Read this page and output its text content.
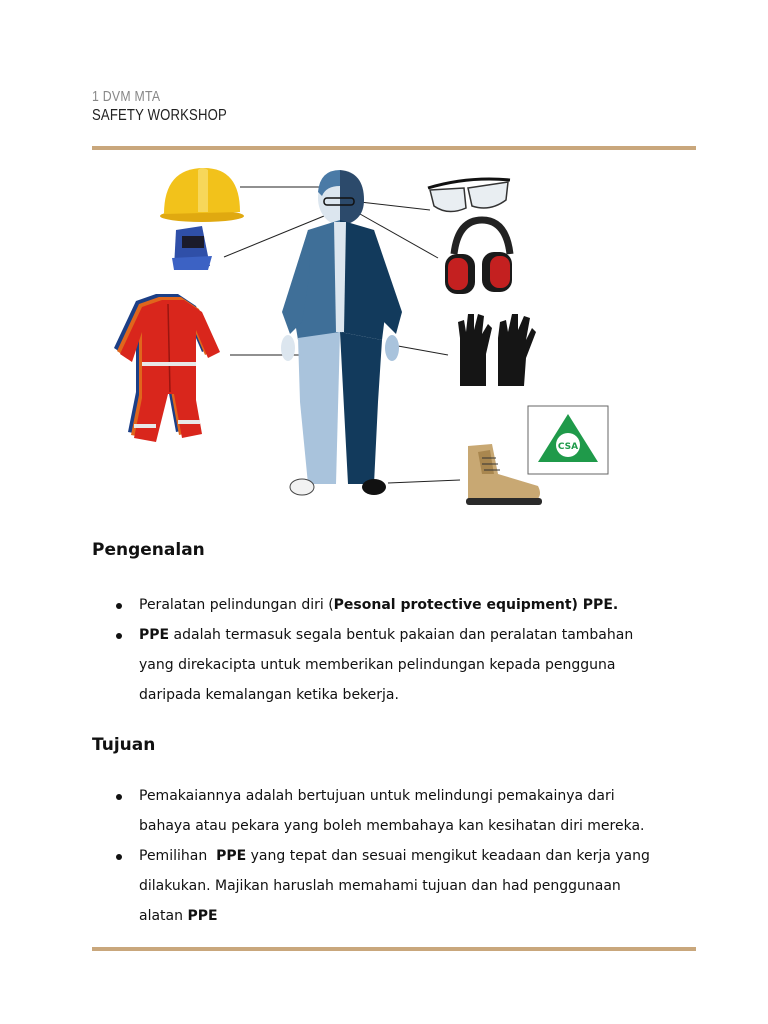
1 DVM MTA
SAFETY WORKSHOP
CSA
Pengenalan
Peralatan pelindungan diri (Pesonal protective equipment) PPE.
PPE adalah termasuk segala bentuk pakaian dan peralatan tambahan
yang direkacipta untuk memberikan pelindungan kepada pengguna
daripada kemalangan ketika bekerja.
Tujuan
Pemakaiannya adalah bertujuan untuk melindungi pemakainya dari
bahaya atau pekara yang boleh membahaya kan kesihatan diri mereka.
Pemilihan  PPE yang tepat dan sesuai mengikut keadaan dan kerja yang
dilakukan. Majikan haruslah memahami tujuan dan had penggunaan
alatan PPE
